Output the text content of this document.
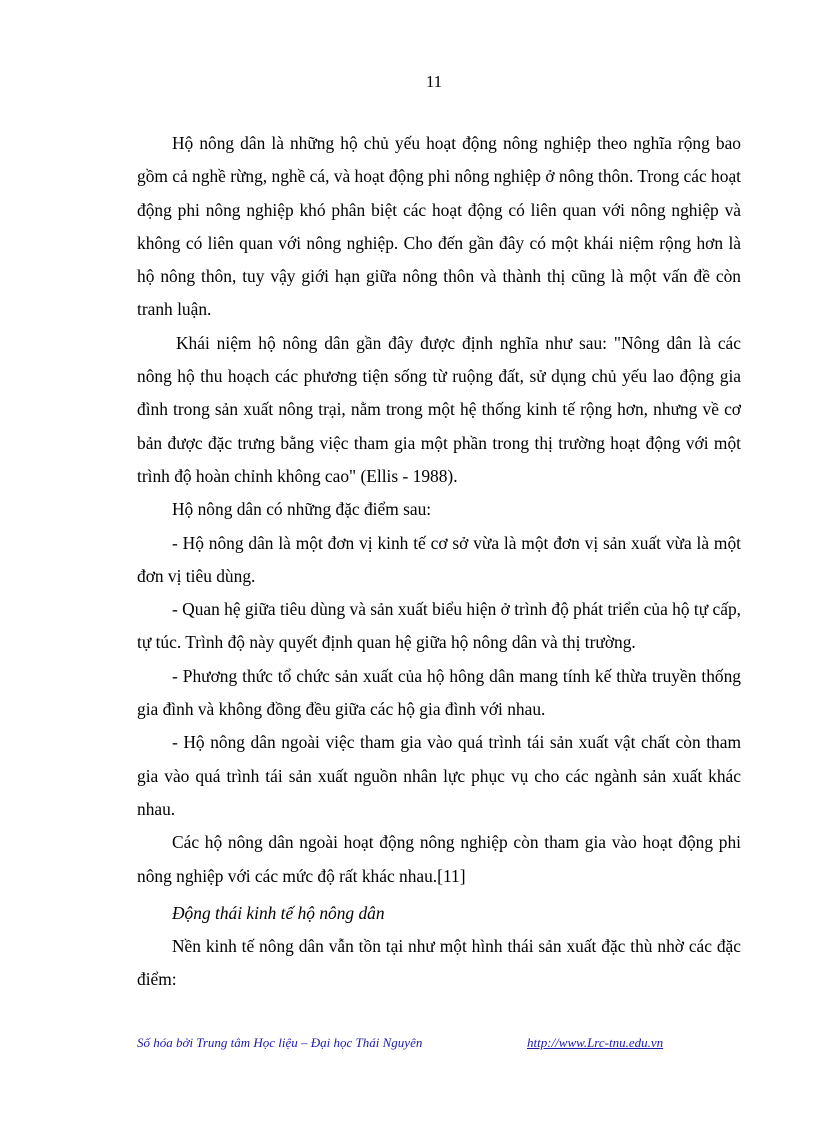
11

Hộ nông dân là những hộ chủ yếu hoạt động nông nghiệp theo nghĩa rộng bao gồm cả nghề rừng, nghề cá, và hoạt động phi nông nghiệp ở nông thôn. Trong các hoạt động phi nông nghiệp khó phân biệt các hoạt động có liên quan với nông nghiệp và không có liên quan với nông nghiệp. Cho đến gần đây có một khái niệm rộng hơn là hộ nông thôn, tuy vậy giới hạn giữa nông thôn và thành thị cũng là một vấn đề còn tranh luận.

Khái niệm hộ nông dân gần đây được định nghĩa như sau: "Nông dân là các nông hộ thu hoạch các phương tiện sống từ ruộng đất, sử dụng chủ yếu lao động gia đình trong sản xuất nông trại, nằm trong một hệ thống kinh tế rộng hơn, nhưng về cơ bản được đặc trưng bằng việc tham gia một phần trong thị trường hoạt động với một trình độ hoàn chỉnh không cao" (Ellis - 1988).

Hộ nông dân có những đặc điểm sau:

- Hộ nông dân là một đơn vị kinh tế cơ sở vừa là một đơn vị sản xuất vừa là một đơn vị tiêu dùng.

- Quan hệ giữa tiêu dùng và sản xuất biểu hiện ở trình độ phát triển của hộ tự cấp, tự túc. Trình độ này quyết định quan hệ giữa hộ nông dân và thị trường.

- Phương thức tổ chức sản xuất của hộ hông dân mang tính kế thừa truyền thống gia đình và không đồng đều giữa các hộ gia đình với nhau.

- Hộ nông dân ngoài việc tham gia vào quá trình tái sản xuất vật chất còn tham gia vào quá trình tái sản xuất nguồn nhân lực phục vụ cho các ngành sản xuất khác nhau.

Các hộ nông dân ngoài hoạt động nông nghiệp còn tham gia vào hoạt động phi nông nghiệp với các mức độ rất khác nhau.[11]

Động thái kinh tế hộ nông dân

Nền kinh tế nông dân vẫn tồn tại như một hình thái sản xuất đặc thù nhờ các đặc điểm:

Số hóa bởi Trung tâm Học liệu – Đại học Thái Nguyên	http://www.Lrc-tnu.edu.vn
